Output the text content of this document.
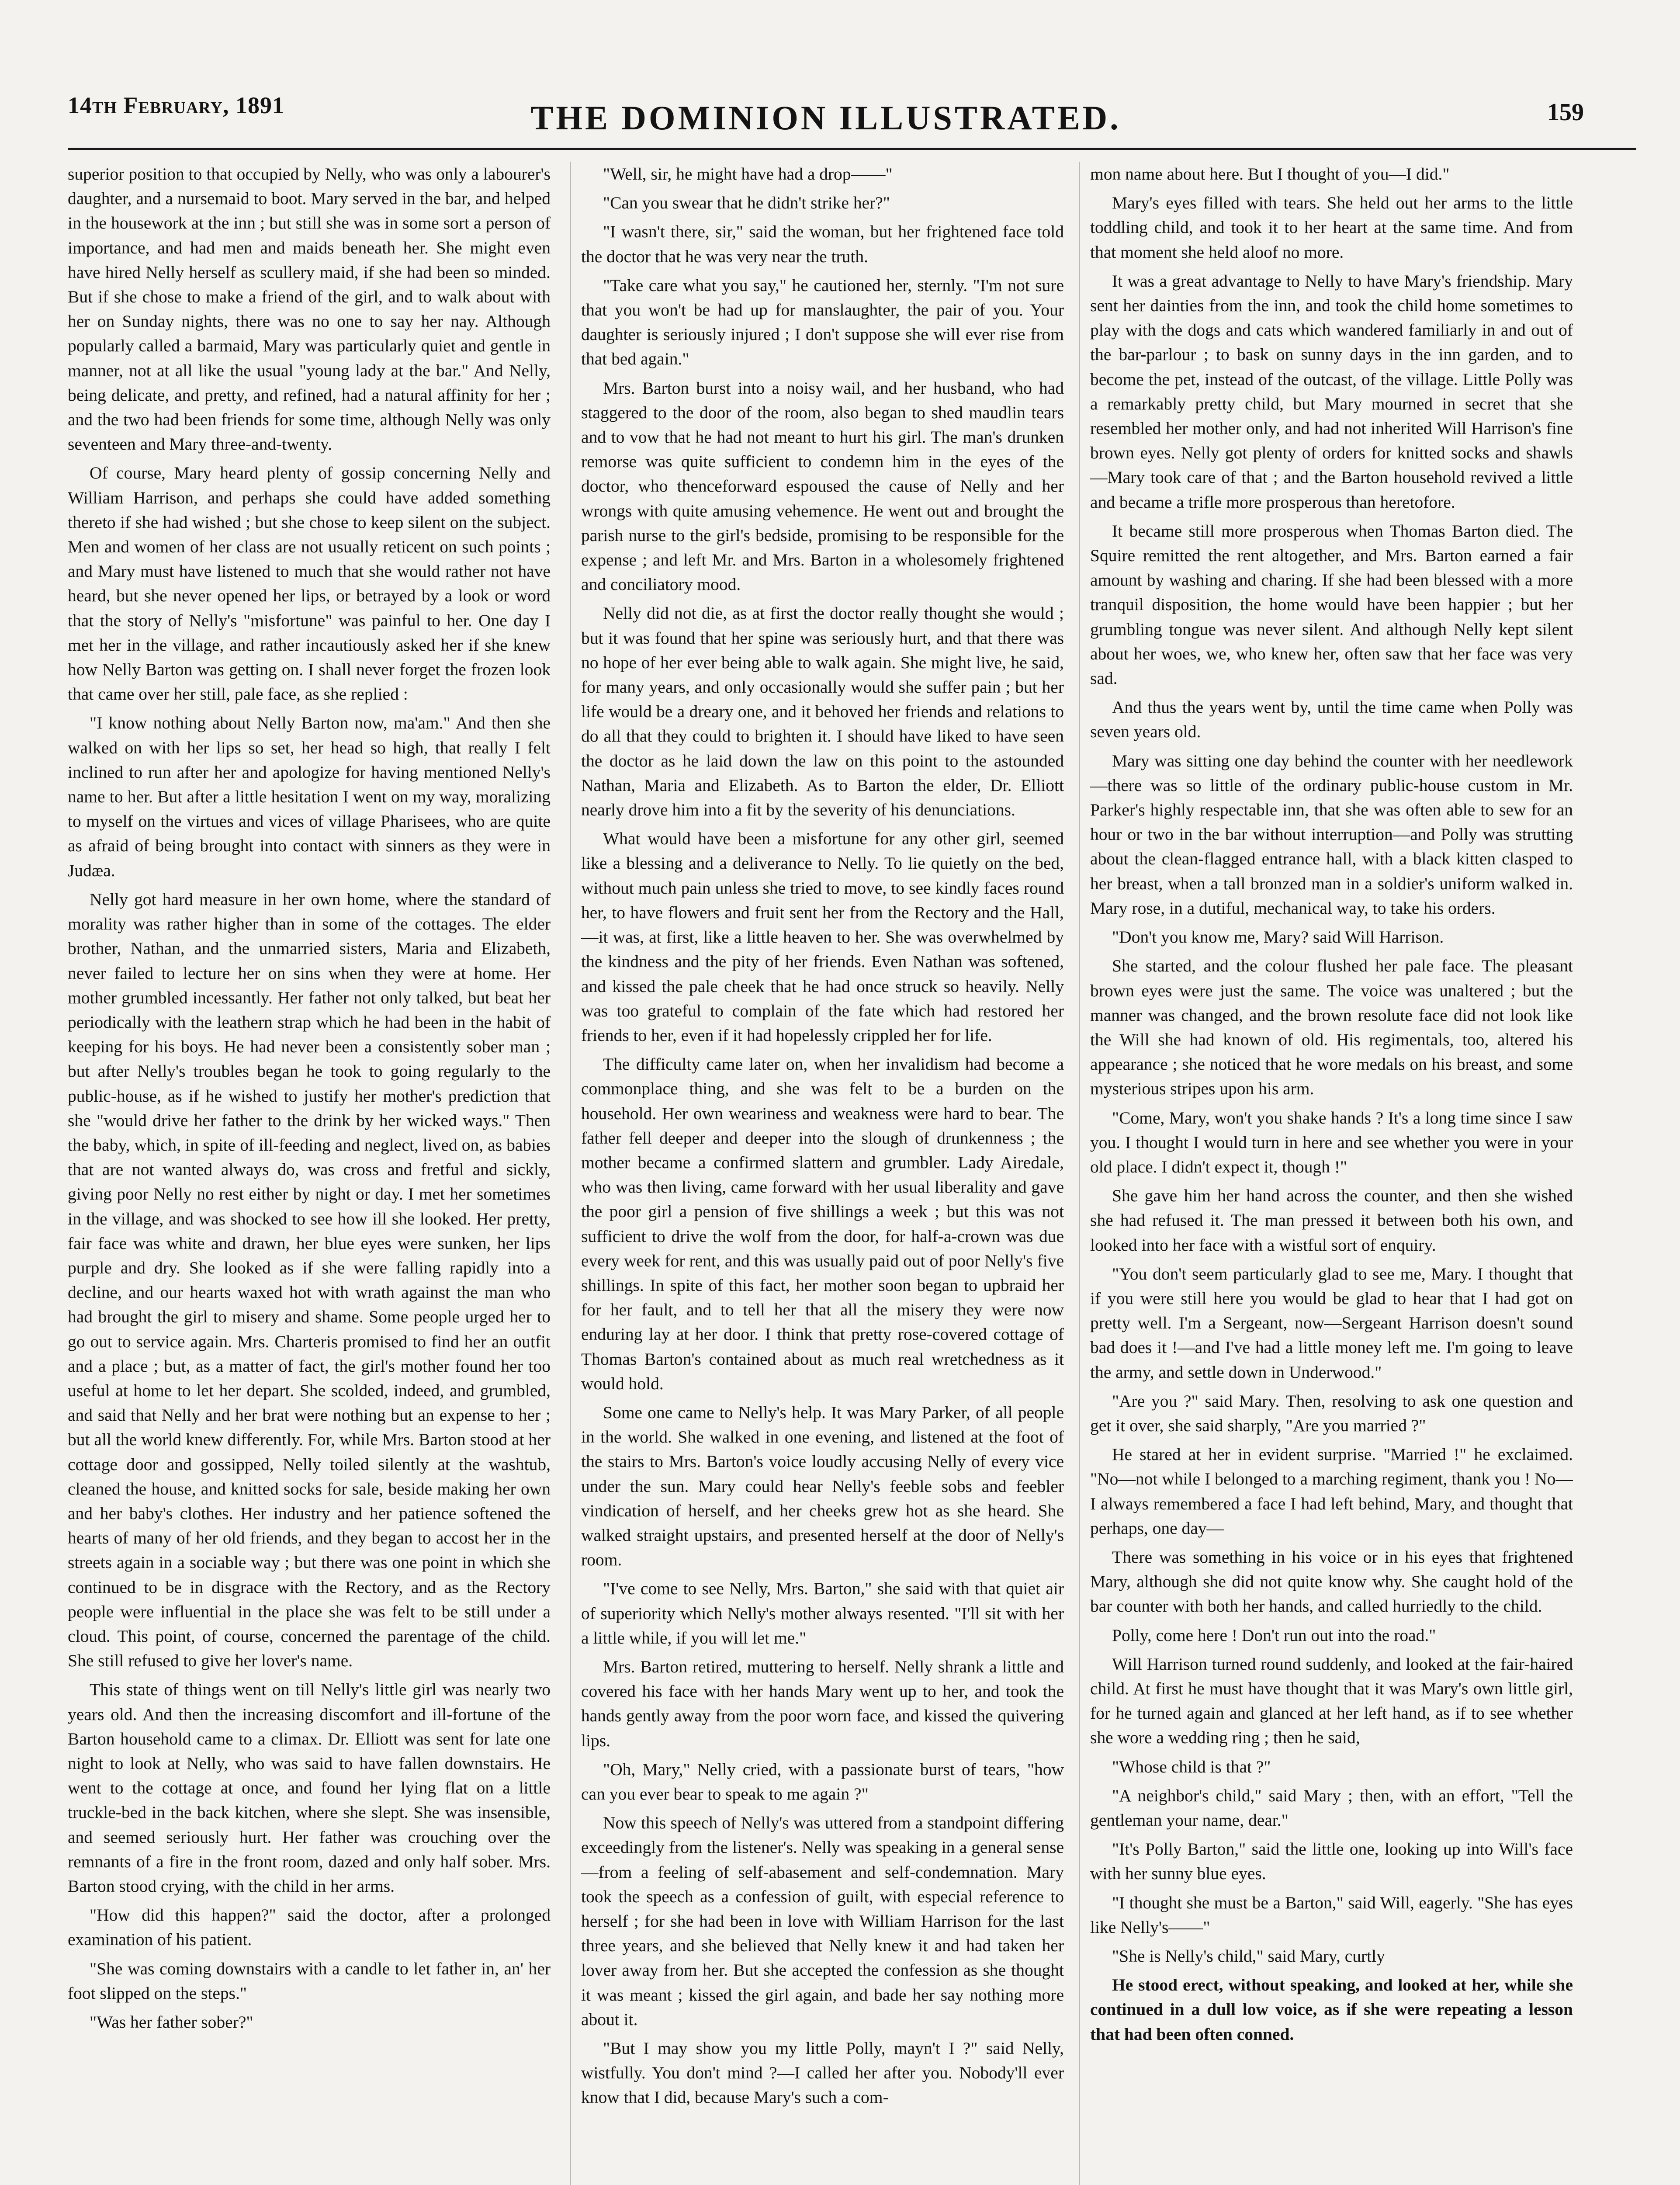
14th February, 1891	THE DOMINION ILLUSTRATED.	159

superior position to that occupied by Nelly, who was only a labourer's daughter, and a nursemaid to boot. Mary served in the bar, and helped in the housework at the inn ; but still she was in some sort a person of importance, and had men and maids beneath her. She might even have hired Nelly herself as scullery maid, if she had been so minded. But if she chose to make a friend of the girl, and to walk about with her on Sunday nights, there was no one to say her nay. Although popularly called a barmaid, Mary was particularly quiet and gentle in manner, not at all like the usual "young lady at the bar." And Nelly, being delicate, and pretty, and refined, had a natural affinity for her ; and the two had been friends for some time, although Nelly was only seventeen and Mary three-and-twenty.

Of course, Mary heard plenty of gossip concerning Nelly and William Harrison, and perhaps she could have added something thereto if she had wished ; but she chose to keep silent on the subject. Men and women of her class are not usually reticent on such points ; and Mary must have listened to much that she would rather not have heard, but she never opened her lips, or betrayed by a look or word that the story of Nelly's "misfortune" was painful to her. One day I met her in the village, and rather incautiously asked her if she knew how Nelly Barton was getting on. I shall never forget the frozen look that came over her still, pale face, as she replied :

"I know nothing about Nelly Barton now, ma'am." And then she walked on with her lips so set, her head so high, that really I felt inclined to run after her and apologize for having mentioned Nelly's name to her. But after a little hesitation I went on my way, moralizing to myself on the virtues and vices of village Pharisees, who are quite as afraid of being brought into contact with sinners as they were in Judæa.

Nelly got hard measure in her own home, where the standard of morality was rather higher than in some of the cottages. The elder brother, Nathan, and the unmarried sisters, Maria and Elizabeth, never failed to lecture her on sins when they were at home. Her mother grumbled incessantly. Her father not only talked, but beat her periodically with the leathern strap which he had been in the habit of keeping for his boys. He had never been a consistently sober man ; but after Nelly's troubles began he took to going regularly to the public-house, as if he wished to justify her mother's prediction that she "would drive her father to the drink by her wicked ways." Then the baby, which, in spite of ill-feeding and neglect, lived on, as babies that are not wanted always do, was cross and fretful and sickly, giving poor Nelly no rest either by night or day. I met her sometimes in the village, and was shocked to see how ill she looked. Her pretty, fair face was white and drawn, her blue eyes were sunken, her lips purple and dry. She looked as if she were falling rapidly into a decline, and our hearts waxed hot with wrath against the man who had brought the girl to misery and shame. Some people urged her to go out to service again. Mrs. Charteris promised to find her an outfit and a place ; but, as a matter of fact, the girl's mother found her too useful at home to let her depart. She scolded, indeed, and grumbled, and said that Nelly and her brat were nothing but an expense to her ; but all the world knew differently. For, while Mrs. Barton stood at her cottage door and gossipped, Nelly toiled silently at the washtub, cleaned the house, and knitted socks for sale, beside making her own and her baby's clothes. Her industry and her patience softened the hearts of many of her old friends, and they began to accost her in the streets again in a sociable way ; but there was one point in which she continued to be in disgrace with the Rectory, and as the Rectory people were influential in the place she was felt to be still under a cloud. This point, of course, concerned the parentage of the child. She still refused to give her lover's name.

This state of things went on till Nelly's little girl was nearly two years old. And then the increasing discomfort and ill-fortune of the Barton household came to a climax. Dr. Elliott was sent for late one night to look at Nelly, who was said to have fallen downstairs. He went to the cottage at once, and found her lying flat on a little truckle-bed in the back kitchen, where she slept. She was insensible, and seemed seriously hurt. Her father was crouching over the remnants of a fire in the front room, dazed and only half sober. Mrs. Barton stood crying, with the child in her arms.

"How did this happen?" said the doctor, after a prolonged examination of his patient.

"She was coming downstairs with a candle to let father in, an' her foot slipped on the steps."

"Was her father sober?"

"Well, sir, he might have had a drop——"

"Can you swear that he didn't strike her?"

"I wasn't there, sir," said the woman, but her frightened face told the doctor that he was very near the truth.

"Take care what you say," he cautioned her, sternly. "I'm not sure that you won't be had up for manslaughter, the pair of you. Your daughter is seriously injured ; I don't suppose she will ever rise from that bed again."

Mrs. Barton burst into a noisy wail, and her husband, who had staggered to the door of the room, also began to shed maudlin tears and to vow that he had not meant to hurt his girl. The man's drunken remorse was quite sufficient to condemn him in the eyes of the doctor, who thenceforward espoused the cause of Nelly and her wrongs with quite amusing vehemence. He went out and brought the parish nurse to the girl's bedside, promising to be responsible for the expense ; and left Mr. and Mrs. Barton in a wholesomely frightened and conciliatory mood.

Nelly did not die, as at first the doctor really thought she would ; but it was found that her spine was seriously hurt, and that there was no hope of her ever being able to walk again. She might live, he said, for many years, and only occasionally would she suffer pain ; but her life would be a dreary one, and it behoved her friends and relations to do all that they could to brighten it. I should have liked to have seen the doctor as he laid down the law on this point to the astounded Nathan, Maria and Elizabeth. As to Barton the elder, Dr. Elliott nearly drove him into a fit by the severity of his denunciations.

What would have been a misfortune for any other girl, seemed like a blessing and a deliverance to Nelly. To lie quietly on the bed, without much pain unless she tried to move, to see kindly faces round her, to have flowers and fruit sent her from the Rectory and the Hall,—it was, at first, like a little heaven to her. She was overwhelmed by the kindness and the pity of her friends. Even Nathan was softened, and kissed the pale cheek that he had once struck so heavily. Nelly was too grateful to complain of the fate which had restored her friends to her, even if it had hopelessly crippled her for life.

The difficulty came later on, when her invalidism had become a commonplace thing, and she was felt to be a burden on the household. Her own weariness and weakness were hard to bear. The father fell deeper and deeper into the slough of drunkenness ; the mother became a confirmed slattern and grumbler. Lady Airedale, who was then living, came forward with her usual liberality and gave the poor girl a pension of five shillings a week ; but this was not sufficient to drive the wolf from the door, for half-a-crown was due every week for rent, and this was usually paid out of poor Nelly's five shillings. In spite of this fact, her mother soon began to upbraid her for her fault, and to tell her that all the misery they were now enduring lay at her door. I think that pretty rose-covered cottage of Thomas Barton's contained about as much real wretchedness as it would hold.

Some one came to Nelly's help. It was Mary Parker, of all people in the world. She walked in one evening, and listened at the foot of the stairs to Mrs. Barton's voice loudly accusing Nelly of every vice under the sun. Mary could hear Nelly's feeble sobs and feebler vindication of herself, and her cheeks grew hot as she heard. She walked straight upstairs, and presented herself at the door of Nelly's room.

"I've come to see Nelly, Mrs. Barton," she said with that quiet air of superiority which Nelly's mother always resented. "I'll sit with her a little while, if you will let me."

Mrs. Barton retired, muttering to herself. Nelly shrank a little and covered his face with her hands Mary went up to her, and took the hands gently away from the poor worn face, and kissed the quivering lips.

"Oh, Mary," Nelly cried, with a passionate burst of tears, "how can you ever bear to speak to me again ?"

Now this speech of Nelly's was uttered from a standpoint differing exceedingly from the listener's. Nelly was speaking in a general sense—from a feeling of self-abasement and self-condemnation. Mary took the speech as a confession of guilt, with especial reference to herself ; for she had been in love with William Harrison for the last three years, and she believed that Nelly knew it and had taken her lover away from her. But she accepted the confession as she thought it was meant ; kissed the girl again, and bade her say nothing more about it.

"But I may show you my little Polly, mayn't I ?" said Nelly, wistfully. You don't mind ?—I called her after you. Nobody'll ever know that I did, because Mary's such a com-

mon name about here. But I thought of you—I did."

Mary's eyes filled with tears. She held out her arms to the little toddling child, and took it to her heart at the same time. And from that moment she held aloof no more.

It was a great advantage to Nelly to have Mary's friendship. Mary sent her dainties from the inn, and took the child home sometimes to play with the dogs and cats which wandered familiarly in and out of the bar-parlour ; to bask on sunny days in the inn garden, and to become the pet, instead of the outcast, of the village. Little Polly was a remarkably pretty child, but Mary mourned in secret that she resembled her mother only, and had not inherited Will Harrison's fine brown eyes. Nelly got plenty of orders for knitted socks and shawls—Mary took care of that ; and the Barton household revived a little and became a trifle more prosperous than heretofore.

It became still more prosperous when Thomas Barton died. The Squire remitted the rent altogether, and Mrs. Barton earned a fair amount by washing and charing. If she had been blessed with a more tranquil disposition, the home would have been happier ; but her grumbling tongue was never silent. And although Nelly kept silent about her woes, we, who knew her, often saw that her face was very sad.

And thus the years went by, until the time came when Polly was seven years old.

Mary was sitting one day behind the counter with her needlework—there was so little of the ordinary public-house custom in Mr. Parker's highly respectable inn, that she was often able to sew for an hour or two in the bar without interruption—and Polly was strutting about the clean-flagged entrance hall, with a black kitten clasped to her breast, when a tall bronzed man in a soldier's uniform walked in. Mary rose, in a dutiful, mechanical way, to take his orders.

"Don't you know me, Mary? said Will Harrison.

She started, and the colour flushed her pale face. The pleasant brown eyes were just the same. The voice was unaltered ; but the manner was changed, and the brown resolute face did not look like the Will she had known of old. His regimentals, too, altered his appearance ; she noticed that he wore medals on his breast, and some mysterious stripes upon his arm.

"Come, Mary, won't you shake hands ? It's a long time since I saw you. I thought I would turn in here and see whether you were in your old place. I didn't expect it, though !"

She gave him her hand across the counter, and then she wished she had refused it. The man pressed it between both his own, and looked into her face with a wistful sort of enquiry.

"You don't seem particularly glad to see me, Mary. I thought that if you were still here you would be glad to hear that I had got on pretty well. I'm a Sergeant, now—Sergeant Harrison doesn't sound bad does it !—and I've had a little money left me. I'm going to leave the army, and settle down in Underwood."

"Are you ?" said Mary. Then, resolving to ask one question and get it over, she said sharply, "Are you married ?"

He stared at her in evident surprise. "Married !" he exclaimed. "No—not while I belonged to a marching regiment, thank you ! No—I always remembered a face I had left behind, Mary, and thought that perhaps, one day—

There was something in his voice or in his eyes that frightened Mary, although she did not quite know why. She caught hold of the bar counter with both her hands, and called hurriedly to the child.

Polly, come here ! Don't run out into the road."

Will Harrison turned round suddenly, and looked at the fair-haired child. At first he must have thought that it was Mary's own little girl, for he turned again and glanced at her left hand, as if to see whether she wore a wedding ring ; then he said,

"Whose child is that ?"

"A neighbor's child," said Mary ; then, with an effort, "Tell the gentleman your name, dear."

"It's Polly Barton," said the little one, looking up into Will's face with her sunny blue eyes.

"I thought she must be a Barton," said Will, eagerly. "She has eyes like Nelly's——"

"She is Nelly's child," said Mary, curtly

He stood erect, without speaking, and looked at her, while she continued in a dull low voice, as if she were repeating a lesson that had been often conned.
